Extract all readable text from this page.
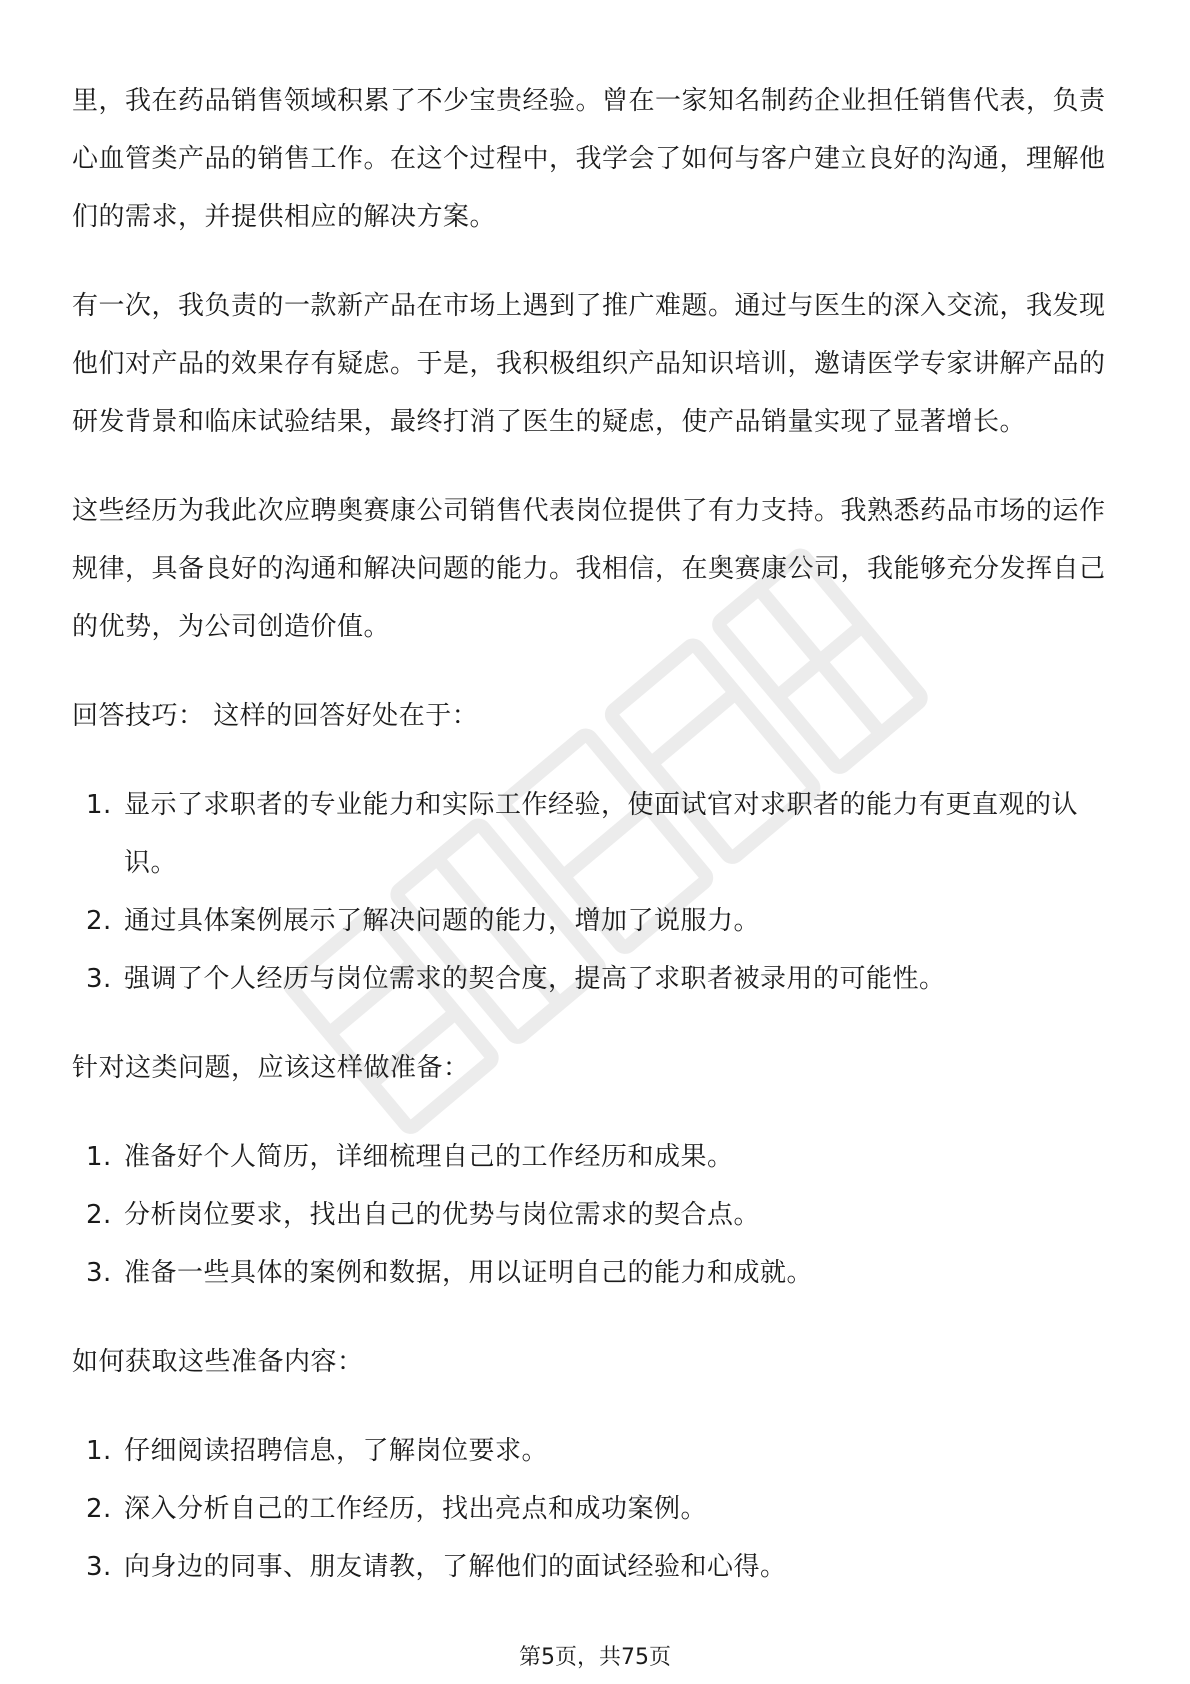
里，我在药品销售领域积累了不少宝贵经验。曾在一家知名制药企业担任销售代表，负责心血管类产品的销售工作。在这个过程中，我学会了如何与客户建立良好的沟通，理解他们的需求，并提供相应的解决方案。

有一次，我负责的一款新产品在市场上遇到了推广难题。通过与医生的深入交流，我发现他们对产品的效果存有疑虑。于是，我积极组织产品知识培训，邀请医学专家讲解产品的研发背景和临床试验结果，最终打消了医生的疑虑，使产品销量实现了显著增长。

这些经历为我此次应聘奥赛康公司销售代表岗位提供了有力支持。我熟悉药品市场的运作规律，具备良好的沟通和解决问题的能力。我相信，在奥赛康公司，我能够充分发挥自己的优势，为公司创造价值。

回答技巧： 这样的回答好处在于：
1. 显示了求职者的专业能力和实际工作经验，使面试官对求职者的能力有更直观的认识。
2. 通过具体案例展示了解决问题的能力，增加了说服力。
3. 强调了个人经历与岗位需求的契合度，提高了求职者被录用的可能性。
针对这类问题，应该这样做准备：
1. 准备好个人简历，详细梳理自己的工作经历和成果。
2. 分析岗位要求，找出自己的优势与岗位需求的契合点。
3. 准备一些具体的案例和数据，用以证明自己的能力和成就。
如何获取这些准备内容：
1. 仔细阅读招聘信息，了解岗位要求。
2. 深入分析自己的工作经历，找出亮点和成功案例。
3. 向身边的同事、朋友请教，了解他们的面试经验和心得。
第5页，共75页
